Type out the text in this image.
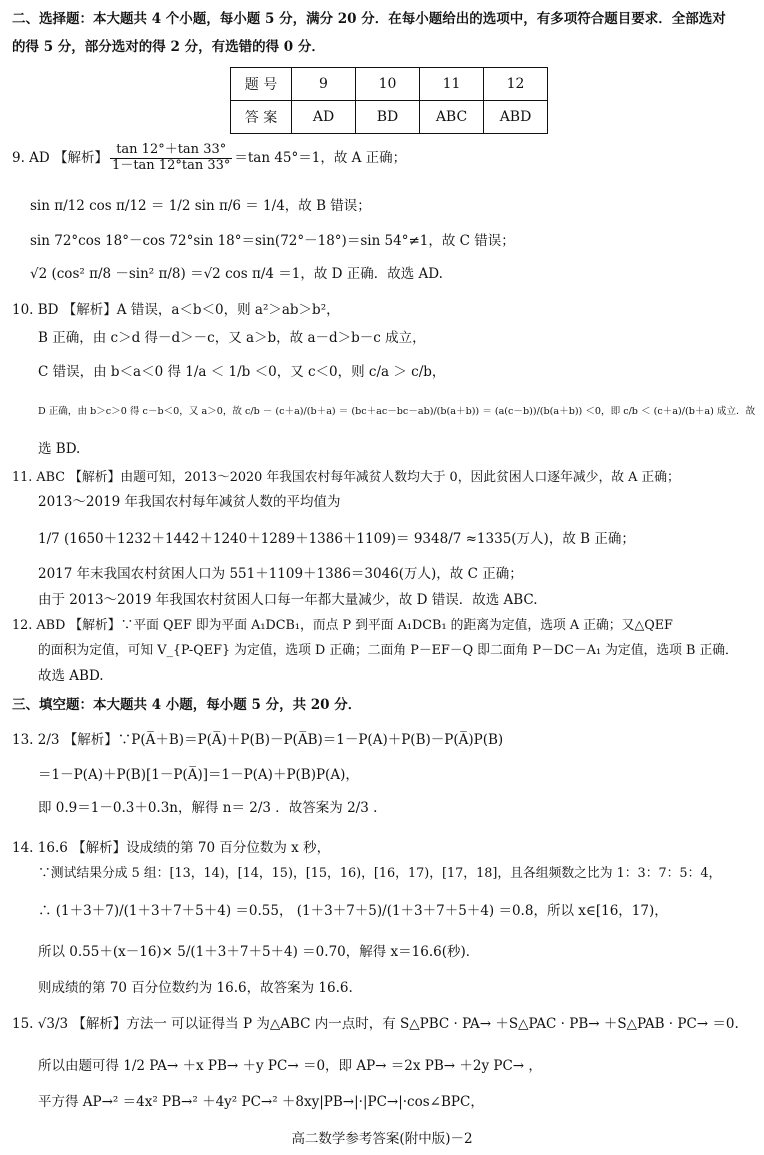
二、选择题：本大题共 4 个小题，每小题 5 分，满分 20 分．在每小题给出的选项中，有多项符合题目要求．全部选对
的得 5 分，部分选对的得 2 分，有选错的得 0 分．
题 号	9	10	11	12
答 案	AD	BD	ABC	ABD
9. AD 【解析】 $\frac{\tan 12^\circ+\tan 33^\circ}{1-\tan 12^\circ\tan 33^\circ} =\tan$ 45°＝1，故 A 正确；
sin π/12 cos π/12 ＝ 1/2 sin π/6 ＝ 1/4，故 B 错误；
sin 72°cos 18°－cos 72°sin 18°＝sin(72°－18°)＝sin 54°≠1，故 C 错误；
√2 (cos² π/8 －sin² π/8) ＝√2 cos π/4 ＝1，故 D 正确．故选 AD.
10. BD 【解析】A 错误，a＜b＜0，则 a²＞ab＞b²，
B 正确，由 c＞d 得－d＞－c，又 a＞b，故 a－d＞b－c 成立，
C 错误，由 b＜a＜0 得 1/a ＜ 1/b ＜0，又 c＜0，则 c/a ＞ c/b，
D 正确，由 b＞c＞0 得 c－b＜0，又 a＞0，故 c/b － (c＋a)/(b＋a) ＝ (bc＋ac－bc－ab)/(b(a＋b)) ＝ (a(c－b))/(b(a＋b)) ＜0，即 c/b ＜ (c＋a)/(b＋a) 成立．故
选 BD.
11. ABC 【解析】由题可知，2013～2020 年我国农村每年减贫人数均大于 0，因此贫困人口逐年减少，故 A 正确；
2013～2019 年我国农村每年减贫人数的平均值为
1/7 (1650＋1232＋1442＋1240＋1289＋1386＋1109)＝ 9348/7 ≈1335(万人)，故 B 正确；
2017 年末我国农村贫困人口为 551＋1109＋1386＝3046(万人)，故 C 正确；
由于 2013～2019 年我国农村贫困人口每一年都大量减少，故 D 错误．故选 ABC.
12. ABD 【解析】∵平面 QEF 即为平面 A₁DCB₁，而点 P 到平面 A₁DCB₁ 的距离为定值，选项 A 正确；又△QEF
的面积为定值，可知 V_{P-QEF} 为定值，选项 D 正确；二面角 P－EF－Q 即二面角 P－DC－A₁ 为定值，选项 B 正确．
故选 ABD.
三、填空题：本大题共 4 小题，每小题 5 分，共 20 分．
13. 2/3 【解析】∵P(A̅＋B)＝P(A̅)＋P(B)－P(A̅B)＝1－P(A)＋P(B)－P(A̅)P(B)
＝1－P(A)＋P(B)[1－P(A̅)]＝1－P(A)＋P(B)P(A)，
即 0.9＝1－0.3＋0.3n，解得 n＝ 2/3 ．故答案为 2/3 .
14. 16.6 【解析】设成绩的第 70 百分位数为 x 秒，
∵测试结果分成 5 组：[13，14)，[14，15)，[15，16)，[16，17)，[17，18]，且各组频数之比为 1：3：7：5：4，
∴ (1＋3＋7)/(1＋3＋7＋5＋4) ＝0.55， (1＋3＋7＋5)/(1＋3＋7＋5＋4) ＝0.8，所以 x∈[16，17)，
所以 0.55＋(x－16)× 5/(1＋3＋7＋5＋4) ＝0.70，解得 x＝16.6(秒)．
则成绩的第 70 百分位数约为 16.6，故答案为 16.6.
15. √3/3 【解析】方法一 可以证得当 P 为△ABC 内一点时，有 S△PBC · PA→ ＋S△PAC · PB→ ＋S△PAB · PC→ ＝0.
所以由题可得 1/2 PA→ ＋x PB→ ＋y PC→ ＝0，即 AP→ ＝2x PB→ ＋2y PC→ ，
平方得 AP→² ＝4x² PB→² ＋4y² PC→² ＋8xy|PB→|·|PC→|·cos∠BPC，
高二数学参考答案(附中版)－2
